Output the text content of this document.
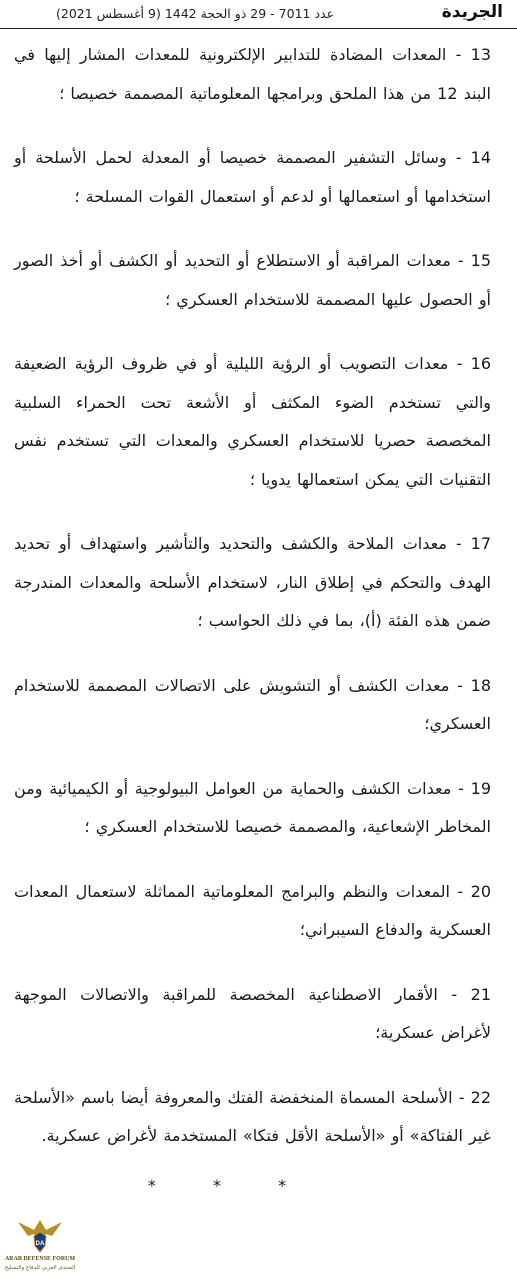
الجريدة
عدد 7011 - 29 ذو الحجة 1442 (9 أغسطس 2021)

13 - المعدات المضادة للتدابير الإلكترونية للمعدات المشار إليها في البند 12 من هذا الملحق وبرامجها المعلوماتية المصممة خصيصا ؛

14 - وسائل التشفير المصممة خصيصا أو المعدلة لحمل الأسلحة أو استخدامها أو استعمالها أو لدعم أو استعمال القوات المسلحة ؛

15 - معدات المراقبة أو الاستطلاع أو التحديد أو الكشف أو أخذ الصور أو الحصول عليها المصممة للاستخدام العسكري ؛

16 - معدات التصويب أو الرؤية الليلية أو في ظروف الرؤية الضعيفة والتي تستخدم الضوء المكثف أو الأشعة تحت الحمراء السلبية المخصصة حصريا للاستخدام العسكري والمعدات التي تستخدم نفس التقنيات التي يمكن استعمالها يدويا ؛

17 - معدات الملاحة والكشف والتحديد والتأشير واستهداف أو تحديد الهدف والتحكم في إطلاق النار، لاستخدام الأسلحة والمعدات المندرجة ضمن هذه الفئة (أ)، بما في ذلك الحواسب ؛

18 - معدات الكشف أو التشويش على الاتصالات المصممة للاستخدام العسكري؛

19 - معدات الكشف والحماية من العوامل البيولوجية أو الكيميائية ومن المخاطر الإشعاعية، والمصممة خصيصا للاستخدام العسكري ؛

20 - المعدات والنظم والبرامج المعلوماتية المماثلة لاستعمال المعدات العسكرية والدفاع السيبراني؛

21 - الأقمار الاصطناعية المخصصة للمراقبة والاتصالات الموجهة لأغراض عسكرية؛

22 - الأسلحة المسماة المنخفضة الفتك والمعروفة أيضا باسم «الأسلحة غير الفتاكة» أو «الأسلحة الأقل فتكا» المستخدمة لأغراض عسكرية.

* * *
DA
ARAB DEFENSE FORUM
المنتدى العربي للدفاع والتسليح
